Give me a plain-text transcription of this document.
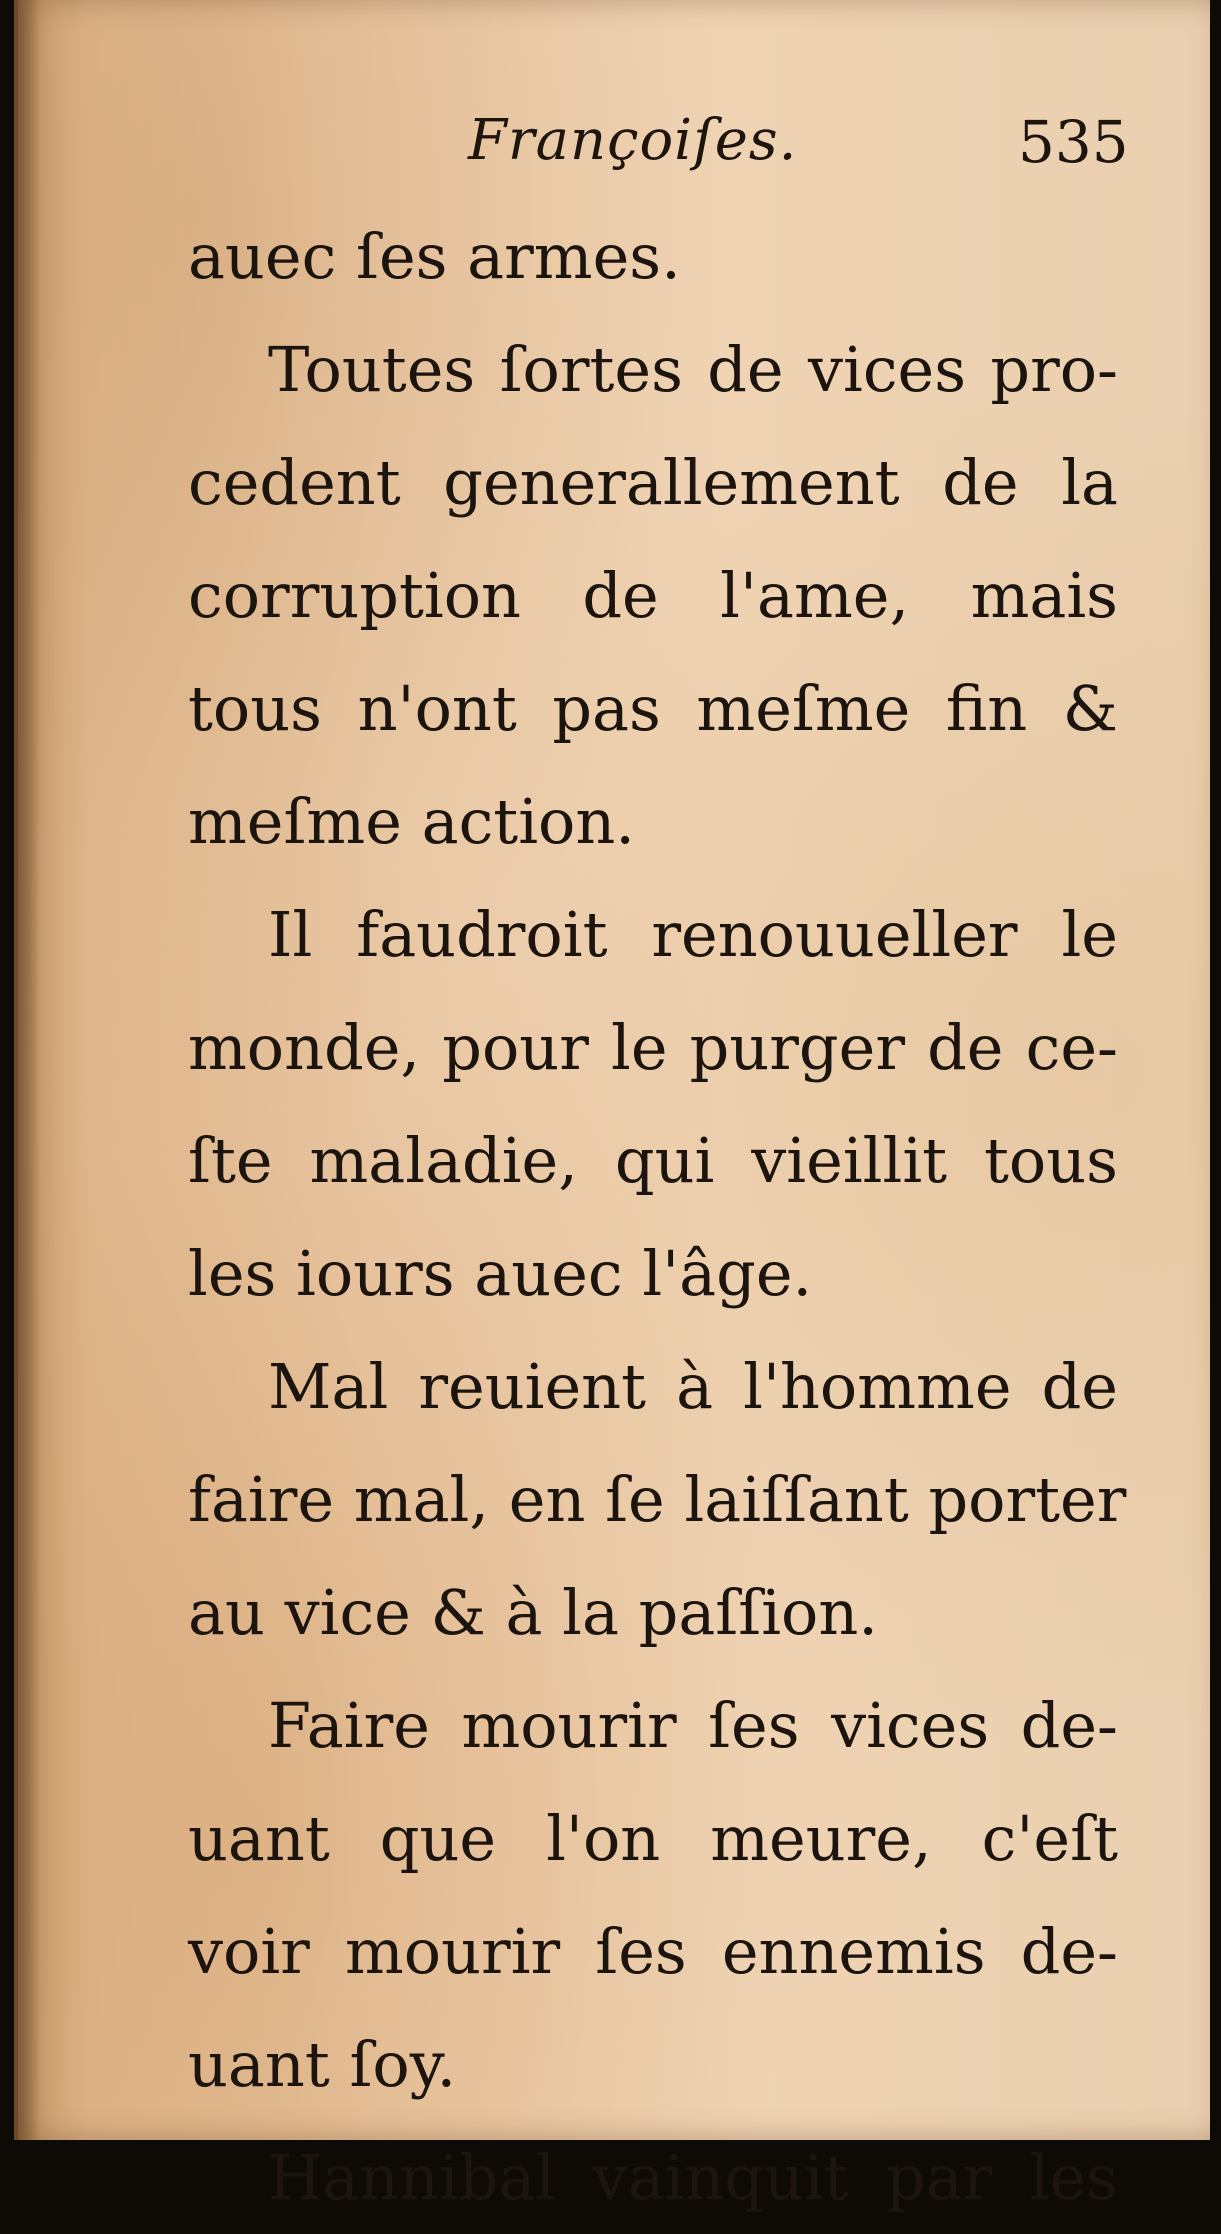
Françoiſes.	535
auec ſes armes.
Toutes ſortes de vices pro-
cedent generallement de la
corruption de l'ame, mais
tous n'ont pas meſme fin &
meſme action.
Il faudroit renouueller le
monde, pour le purger de ce-
ſte maladie, qui vieillit tous
les iours auec l'âge.
Mal reuient à l'homme de
faire mal, en ſe laiſſant porter
au vice & à la paſſion.
Faire mourir ſes vices de-
uant que l'on meure, c'eſt
voir mourir ſes ennemis de-
uant ſoy.
Hannibal vainquit par les
